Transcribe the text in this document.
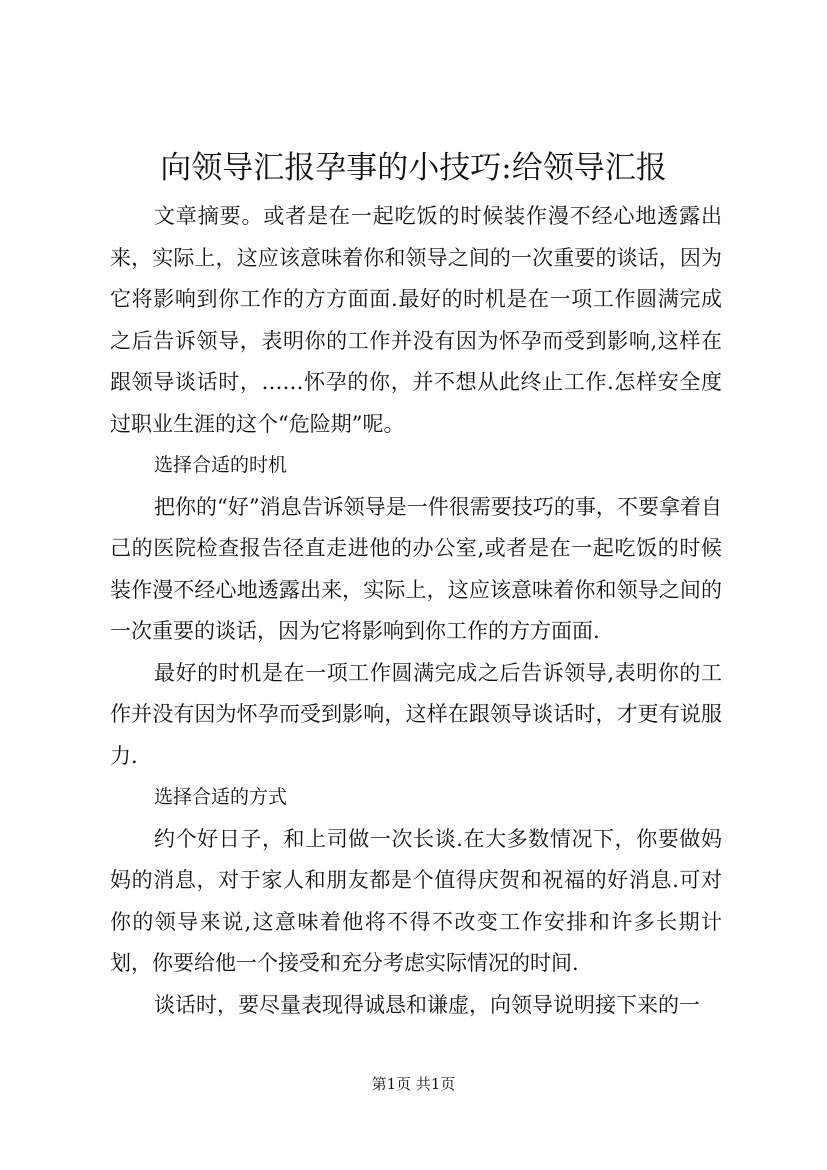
向领导汇报孕事的小技巧:给领导汇报

文章摘要。或者是在一起吃饭的时候装作漫不经心地透露出来，实际上，这应该意味着你和领导之间的一次重要的谈话，因为它将影响到你工作的方方面面.最好的时机是在一项工作圆满完成之后告诉领导，表明你的工作并没有因为怀孕而受到影响,这样在跟领导谈话时，……怀孕的你，并不想从此终止工作.怎样安全度过职业生涯的这个“危险期”呢。

选择合适的时机

把你的“好”消息告诉领导是一件很需要技巧的事，不要拿着自己的医院检查报告径直走进他的办公室,或者是在一起吃饭的时候装作漫不经心地透露出来，实际上，这应该意味着你和领导之间的一次重要的谈话，因为它将影响到你工作的方方面面.

最好的时机是在一项工作圆满完成之后告诉领导,表明你的工作并没有因为怀孕而受到影响，这样在跟领导谈话时，才更有说服力.

选择合适的方式

约个好日子，和上司做一次长谈.在大多数情况下，你要做妈妈的消息，对于家人和朋友都是个值得庆贺和祝福的好消息.可对你的领导来说,这意味着他将不得不改变工作安排和许多长期计划，你要给他一个接受和充分考虑实际情况的时间.

谈话时，要尽量表现得诚恳和谦虚，向领导说明接下来的一

第1页 共1页
